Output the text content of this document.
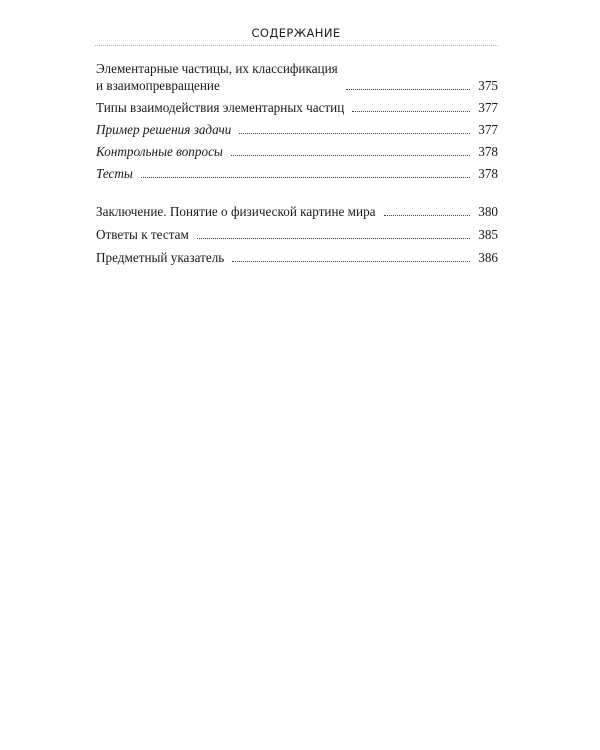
СОДЕРЖАНИЕ
Элементарные частицы, их классификация
и взаимопревращение	375
Типы взаимодействия элементарных частиц	377
Пример решения задачи	377
Контрольные вопросы	378
Тесты	378
Заключение. Понятие о физической картине мира	380
Ответы к тестам	385
Предметный указатель	386
